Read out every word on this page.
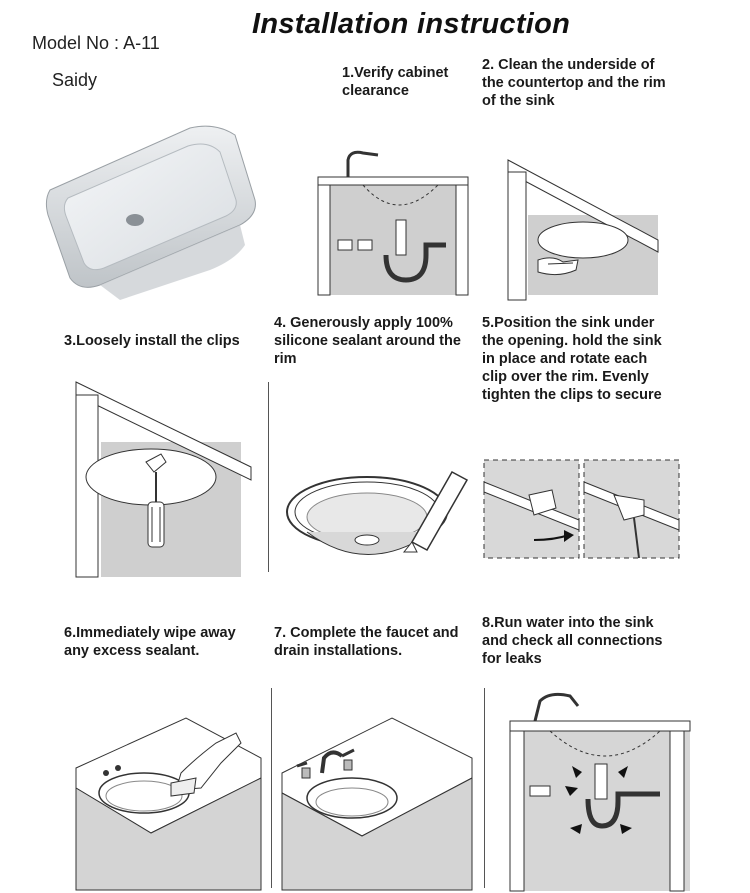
Installation instruction
Model No : A-11
Saidy	1.Verify cabinet
clearance
2. Clean the underside of
the countertop and the rim
of the sink
3.Loosely install the clips
4. Generously apply 100%
silicone sealant around the
rim
5.Position the sink under
the opening. hold the sink
in place and rotate each
clip over the rim. Evenly
tighten the clips to secure
6.Immediately wipe away
any excess sealant.
7. Complete the faucet and
drain installations.
8.Run water into the sink
and check all connections
for leaks
